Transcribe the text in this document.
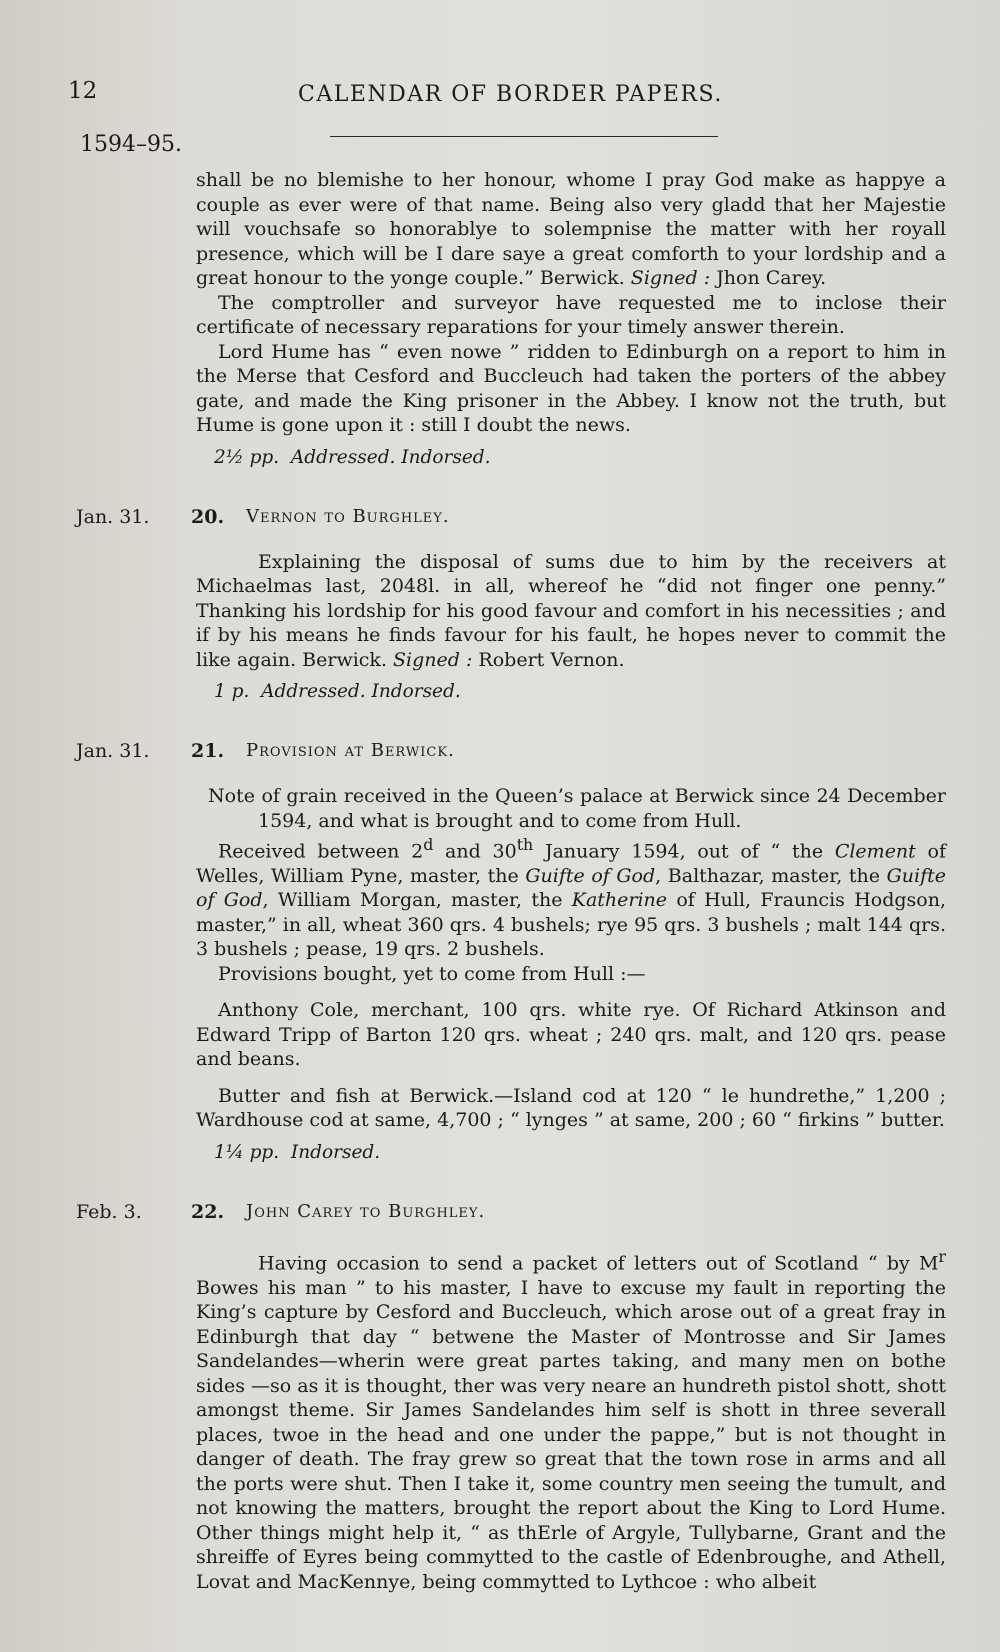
12	CALENDAR OF BORDER PAPERS.
1594–95.

shall be no blemishe to her honour, whome I pray God make as happye a couple as ever were of that name. Being also very gladd that her Majestie will vouchsafe so honorablye to solempnise the matter with her royall presence, which will be I dare saye a great comforth to your lordship and a great honour to the yonge couple.” Berwick. Signed : Jhon Carey.

The comptroller and surveyor have requested me to inclose their certificate of necessary reparations for your timely answer therein.

Lord Hume has “ even nowe ” ridden to Edinburgh on a report to him in the Merse that Cesford and Buccleuch had taken the porters of the abbey gate, and made the King prisoner in the Abbey. I know not the truth, but Hume is gone upon it : still I doubt the news.

2½ pp. Addressed. Indorsed.

Jan. 31. 20. Vernon to Burghley.

Explaining the disposal of sums due to him by the receivers at Michaelmas last, 2048l. in all, whereof he “did not finger one penny.” Thanking his lordship for his good favour and comfort in his necessities ; and if by his means he finds favour for his fault, he hopes never to commit the like again. Berwick. Signed : Robert Vernon.

1 p. Addressed. Indorsed.

Jan. 31. 21. Provision at Berwick.

Note of grain received in the Queen’s palace at Berwick since 24 December 1594, and what is brought and to come from Hull.

Received between 2$^d$ and 30th January 1594, out of “ the Clement of Welles, William Pyne, master, the Guifte of God, Balthazar, master, the Guifte of God, William Morgan, master, the Katherine of Hull, Frauncis Hodgson, master,” in all, wheat 360 qrs. 4 bushels; rye 95 qrs. 3 bushels ; malt 144 qrs. 3 bushels ; pease, 19 qrs. 2 bushels.

Provisions bought, yet to come from Hull :—

Anthony Cole, merchant, 100 qrs. white rye. Of Richard Atkinson and Edward Tripp of Barton 120 qrs. wheat ; 240 qrs. malt, and 120 qrs. pease and beans.

Butter and fish at Berwick.—Island cod at 120 “ le hundrethe,” 1,200 ; Wardhouse cod at same, 4,700 ; “ lynges ” at same, 200 ; 60 “ firkins ” butter.

1¼ pp. Indorsed.

Feb. 3.	22. John Carey to Burghley.

Having occasion to send a packet of letters out of Scotland “ by $M^r$ Bowes his man ” to his master, I have to excuse my fault in reporting the King’s capture by Cesford and Buccleuch, which arose out of a great fray in Edinburgh that day “ betwene the Master of Montrosse and Sir James Sandelandes—wherin were great partes taking, and many men on bothe sides —so as it is thought, ther was very neare an hundreth pistol shott, shott amongst theme. Sir James Sandelandes him self is shott in three severall places, twoe in the head and one under the pappe,” but is not thought in danger of death. The fray grew so great that the town rose in arms and all the ports were shut. Then I take it, some country men seeing the tumult, and not knowing the matters, brought the report about the King to Lord Hume. Other things might help it, “ as thErle of Argyle, Tullybarne, Grant and the shreiffe of Eyres being commytted to the castle of Edenbroughe, and Athell, Lovat and MacKennye, being commytted to Lythcoe : who albeit
